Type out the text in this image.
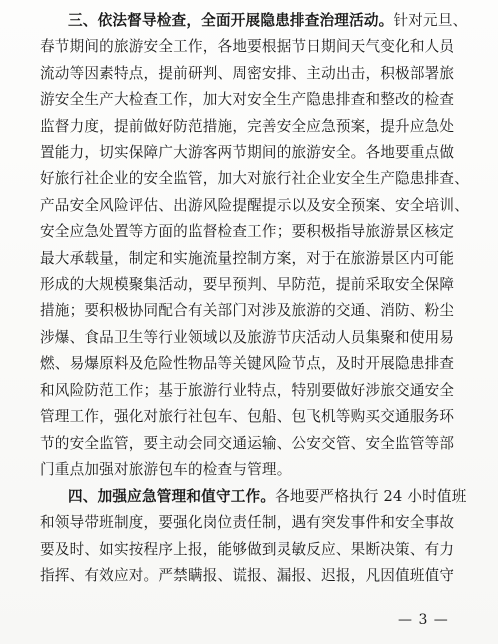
三、依法督导检查，全面开展隐患排查治理活动。针对元旦、
春节期间的旅游安全工作，各地要根据节日期间天气变化和人员
流动等因素特点，提前研判、周密安排、主动出击，积极部署旅
游安全生产大检查工作，加大对安全生产隐患排查和整改的检查
监督力度，提前做好防范措施，完善安全应急预案，提升应急处
置能力，切实保障广大游客两节期间的旅游安全。各地要重点做
好旅行社企业的安全监管，加大对旅行社企业安全生产隐患排查、
产品安全风险评估、出游风险提醒提示以及安全预案、安全培训、
安全应急处置等方面的监督检查工作；要积极指导旅游景区核定
最大承载量，制定和实施流量控制方案，对于在旅游景区内可能
形成的大规模聚集活动，要早预判、早防范，提前采取安全保障
措施；要积极协同配合有关部门对涉及旅游的交通、消防、粉尘
涉爆、食品卫生等行业领域以及旅游节庆活动人员集聚和使用易
燃、易爆原料及危险性物品等关键风险节点，及时开展隐患排查
和风险防范工作；基于旅游行业特点，特别要做好涉旅交通安全
管理工作，强化对旅行社包车、包船、包飞机等购买交通服务环
节的安全监管，要主动会同交通运输、公安交管、安全监管等部
门重点加强对旅游包车的检查与管理。
四、加强应急管理和值守工作。各地要严格执行 24 小时值班
和领导带班制度，要强化岗位责任制，遇有突发事件和安全事故
要及时、如实按程序上报，能够做到灵敏反应、果断决策、有力
指挥、有效应对。严禁瞒报、谎报、漏报、迟报，凡因值班值守
— 3 —
